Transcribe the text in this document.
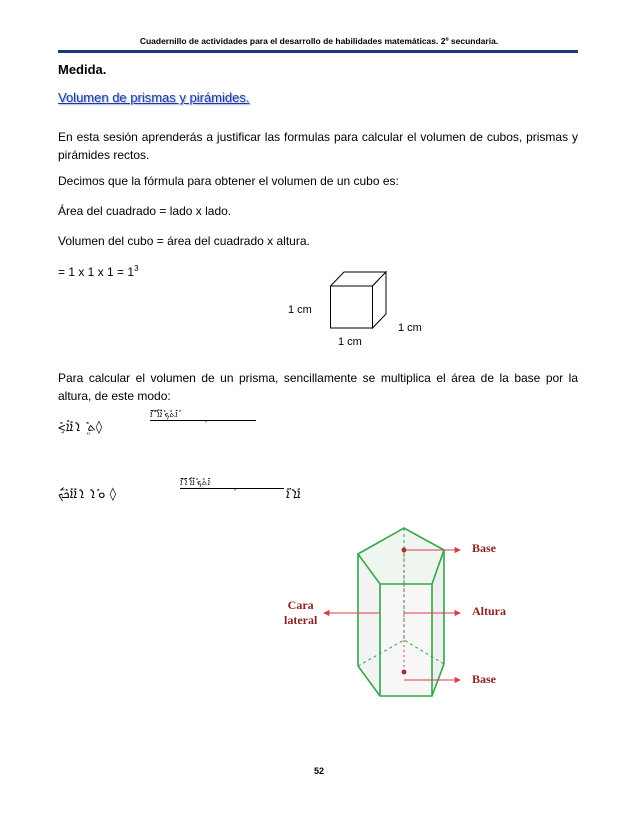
Cuadernillo de actividades para el desarrollo de habilidades matemáticas. 2º secundaria.
Medida.
Volumen de prismas y pirámides.
En esta sesión aprenderás a justificar las formulas para calcular el volumen de cubos, prismas y pirámides rectos.
Decimos que la fórmula para obtener el volumen de un cubo es:
Área del cuadrado = lado x lado.
Volumen del cubo = área del cuadrado x altura.
= 1 x 1 x $1 = 1^3$
1 cm
1 cm
1 cm
Para calcular el volumen de un prisma, sencillamente se multiplica el área de la base por la altura, de este modo:
<ܱܺܬ ܸܺ ܐ ܺܐܺܐܺ◊
ܳܺܐܺܬܺܟ ܺܐܺܵܺܐܺ ܳܺ ܳܺܐܺ ܺ
ܳܵܺܘ ܺܐ ܺ ܐ ܺܐܺܐܺܟܺܟ ◊
ܳܺܐܺܬܺܟ ܺܐܺܵܺܐܺ ܳܺܐܺ ܳܺܐܺ
ܳܐܺܐ ܺܐܺ
Base
Altura
Base
Cara
lateral
52
